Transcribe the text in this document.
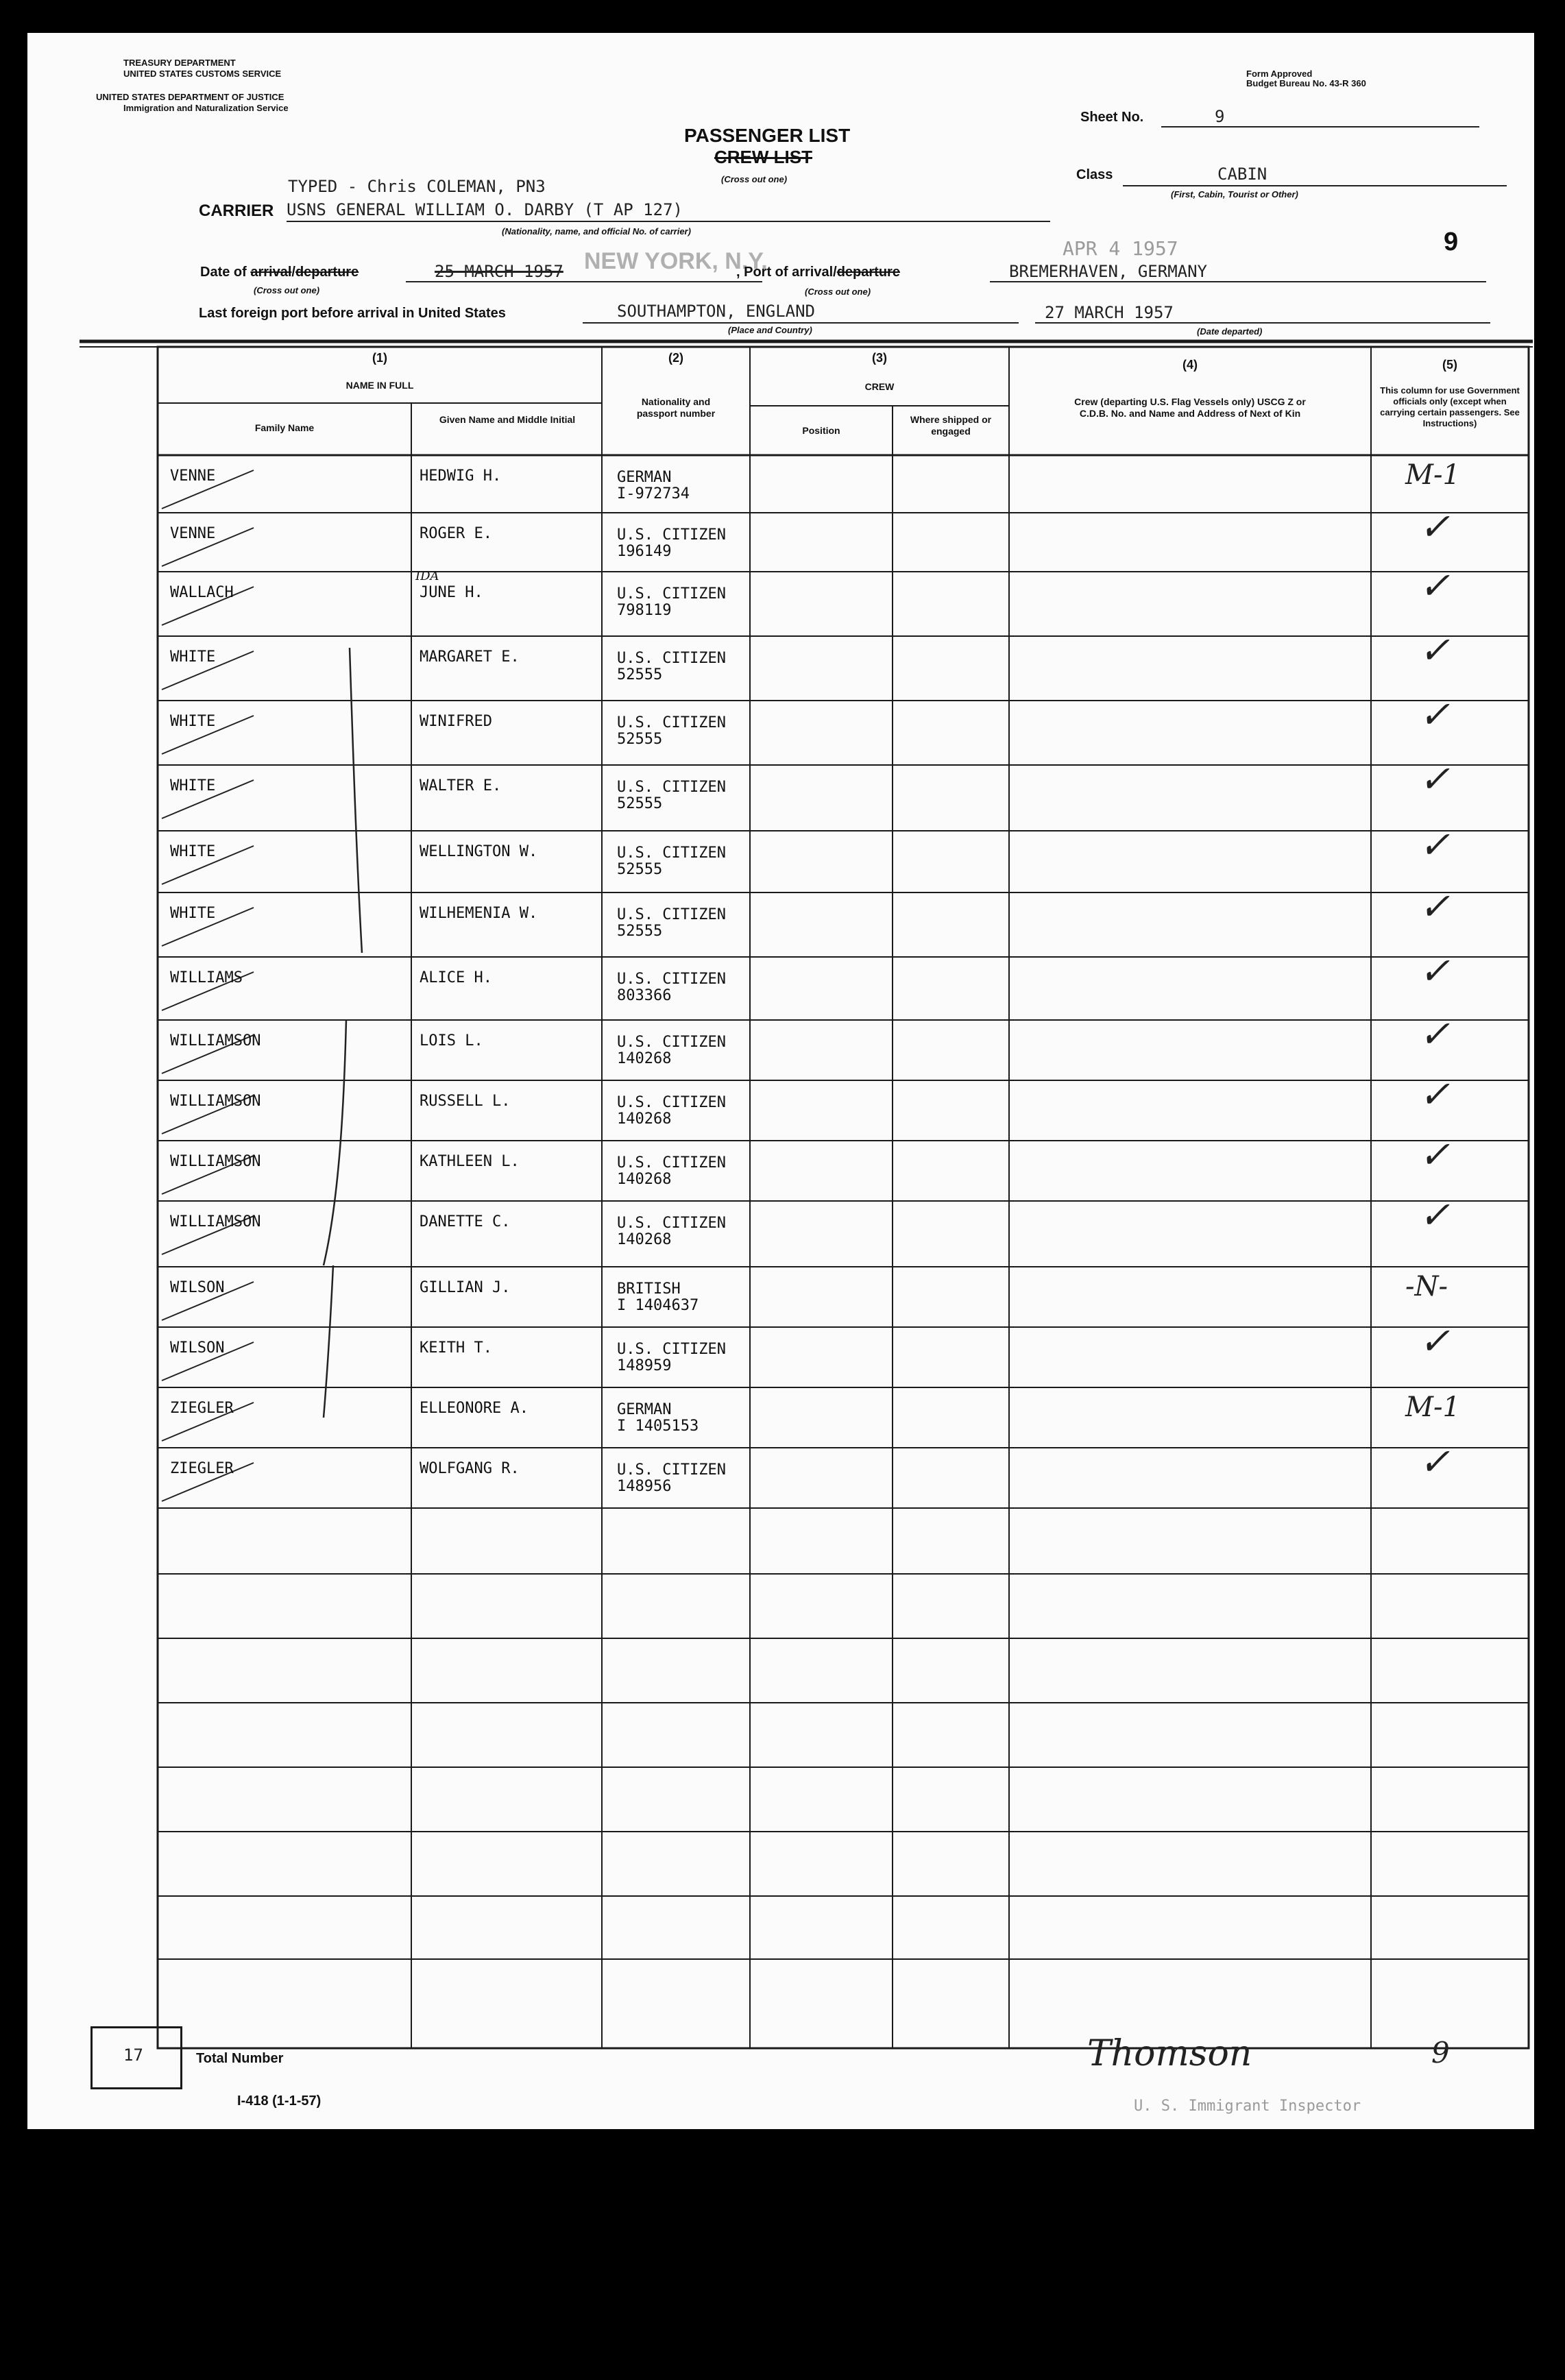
TREASURY DEPARTMENT
UNITED STATES CUSTOMS SERVICE
UNITED STATES DEPARTMENT OF JUSTICE
Immigration and Naturalization Service
Form Approved
Budget Bureau No. 43-R 360
PASSENGER LIST
CREW LIST
(Cross out one)
Sheet No.	9
Class	CABIN
(First, Cabin, Tourist or Other)
TYPED - Chris COLEMAN, PN3
CARRIER USNS GENERAL WILLIAM O. DARBY (T AP 127)
(Nationality, name, and official No. of carrier)
APR 4 1957
NEW YORK, N.Y.
9
Date of arrival/departure	25 MARCH 1957
(Cross out one)
, Port of arrival/departure	BREMERHAVEN, GERMANY
(Cross out one)
Last foreign port before arrival in United States	SOUTHAMPTON, ENGLAND
(Place and Country)
27 MARCH 1957
(Date departed)
(1)
NAME IN FULL
Family Name
Given Name and Middle Initial
(2)
Nationality and passport number
(3)
CREW
Position
Where shipped or engaged
(4)
Crew (departing U.S. Flag Vessels only) USCG Z or C.D.B. No. and Name and Address of Next of Kin
(5)
This column for use Government officials only (except when carrying certain passengers. See Instructions)
VENNE	HEDWIG H.	GERMAN
I-972734
M-1
VENNE	ROGER E.	U.S. CITIZEN
196149
✓
WALLACH	JUNE H.
IDA
U.S. CITIZEN
798119
✓
WHITE	MARGARET E.	U.S. CITIZEN
52555
✓
WHITE	WINIFRED	U.S. CITIZEN
52555
✓
WHITE	WALTER E.	U.S. CITIZEN
52555
✓
WHITE	WELLINGTON W.	U.S. CITIZEN
52555
✓
WHITE	WILHEMENIA W.	U.S. CITIZEN
52555
✓
WILLIAMS	ALICE H.	U.S. CITIZEN
803366
✓
WILLIAMSON	LOIS L.	U.S. CITIZEN
140268
✓
WILLIAMSON	RUSSELL L.	U.S. CITIZEN
140268
✓
WILLIAMSON	KATHLEEN L.	U.S. CITIZEN
140268
✓
WILLIAMSON	DANETTE C.	U.S. CITIZEN
140268
✓
WILSON	GILLIAN J.	BRITISH
I 1404637
-N-
WILSON	KEITH T.	U.S. CITIZEN
148959
✓
ZIEGLER	ELLEONORE A.	GERMAN
I 1405153
M-1
ZIEGLER	WOLFGANG R.	U.S. CITIZEN
148956
✓
17	Total Number
I-418 (1-1-57)
Thomson	9
U. S. Immigrant Inspector
